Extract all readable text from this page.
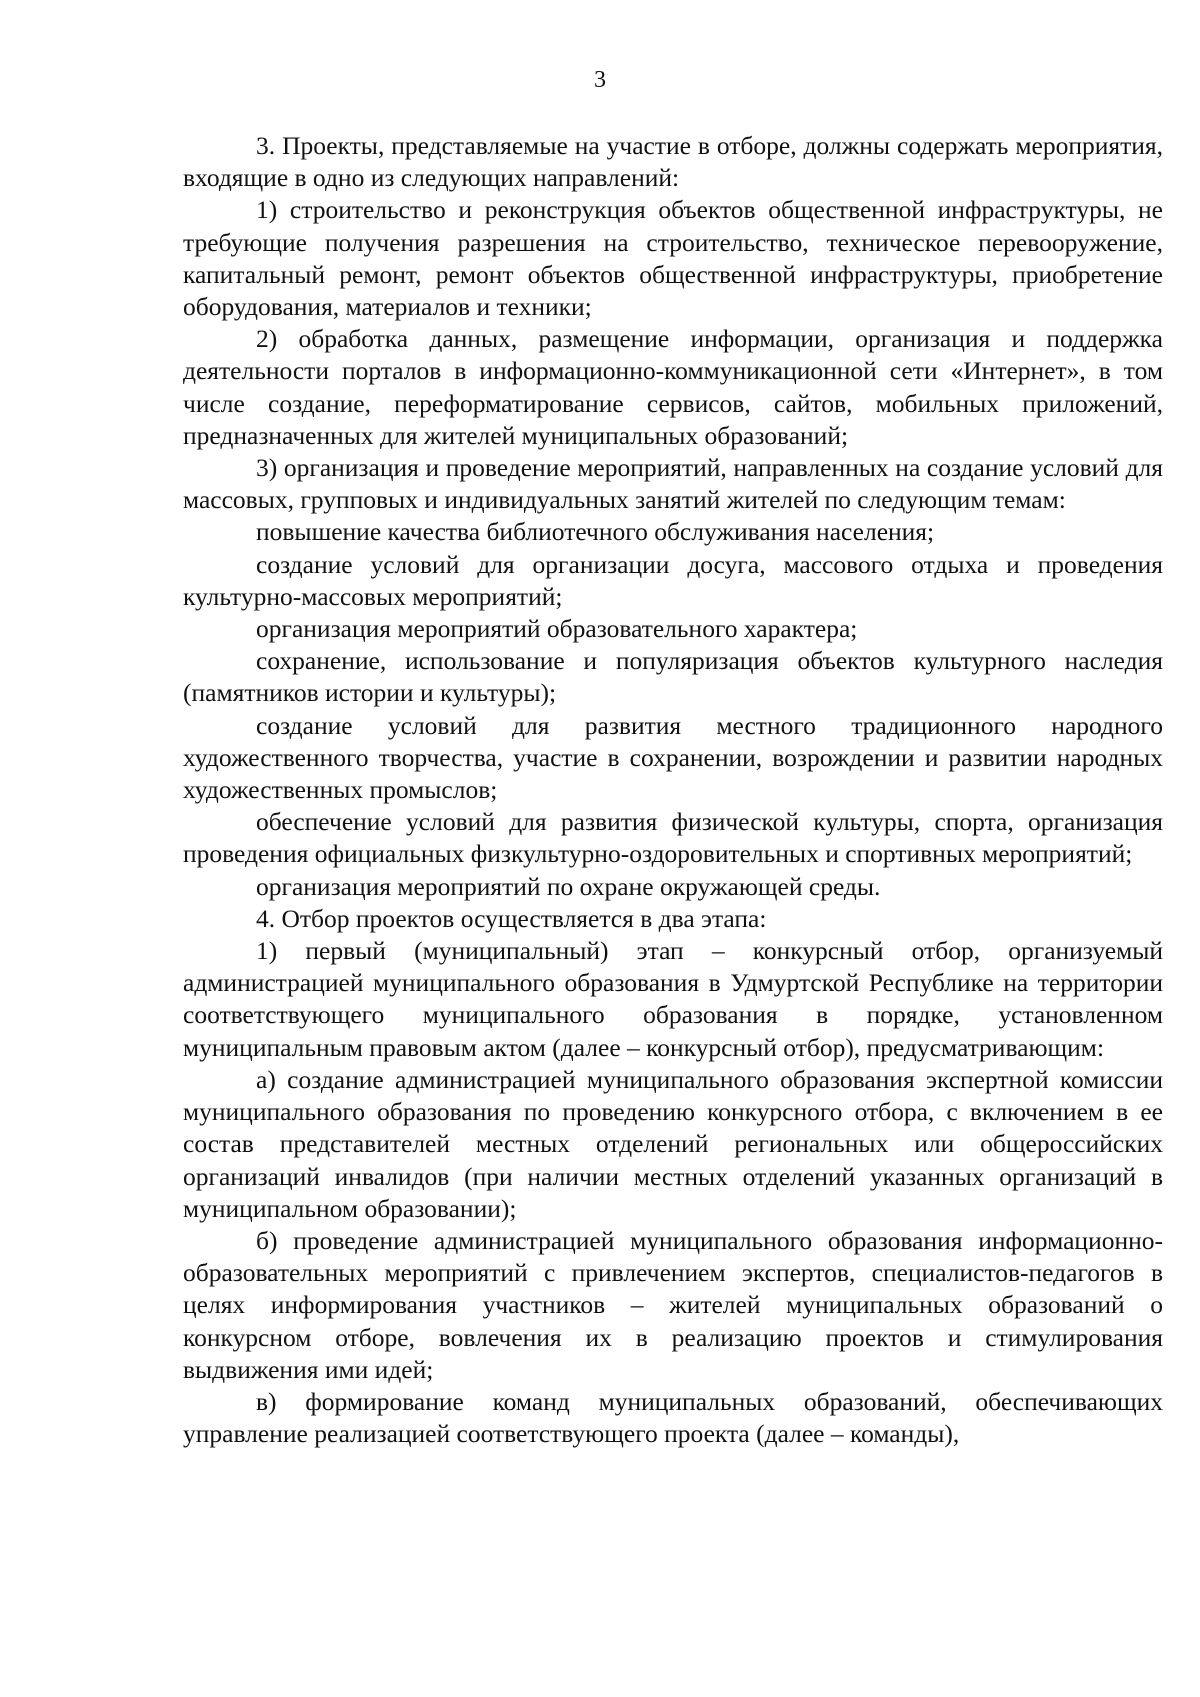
3

3. Проекты, представляемые на участие в отборе, должны содержать мероприятия, входящие в одно из следующих направлений:

1) строительство и реконструкция объектов общественной инфраструктуры, не требующие получения разрешения на строительство, техническое перевооружение, капитальный ремонт, ремонт объектов общественной инфраструктуры, приобретение оборудования, материалов и техники;

2) обработка данных, размещение информации, организация и поддержка деятельности порталов в информационно-коммуникационной сети «Интернет», в том числе создание, переформатирование сервисов, сайтов, мобильных приложений, предназначенных для жителей муниципальных образований;

3) организация и проведение мероприятий, направленных на создание условий для массовых, групповых и индивидуальных занятий жителей по следующим темам:

повышение качества библиотечного обслуживания населения;

создание условий для организации досуга, массового отдыха и проведения культурно-массовых мероприятий;

организация мероприятий образовательного характера;

сохранение, использование и популяризация объектов культурного наследия (памятников истории и культуры);

создание условий для развития местного традиционного народного художественного творчества, участие в сохранении, возрождении и развитии народных художественных промыслов;

обеспечение условий для развития физической культуры, спорта, организация проведения официальных физкультурно-оздоровительных и спортивных мероприятий;

организация мероприятий по охране окружающей среды.

4. Отбор проектов осуществляется в два этапа:

1) первый (муниципальный) этап – конкурсный отбор, организуемый администрацией муниципального образования в Удмуртской Республике на территории соответствующего муниципального образования в порядке, установленном муниципальным правовым актом (далее – конкурсный отбор), предусматривающим:

а) создание администрацией муниципального образования экспертной комиссии муниципального образования по проведению конкурсного отбора, с включением в ее состав представителей местных отделений региональных или общероссийских организаций инвалидов (при наличии местных отделений указанных организаций в муниципальном образовании);

б) проведение администрацией муниципального образования информационно-образовательных мероприятий с привлечением экспертов, специалистов-педагогов в целях информирования участников – жителей муниципальных образований о конкурсном отборе, вовлечения их в реализацию проектов и стимулирования выдвижения ими идей;

в) формирование команд муниципальных образований, обеспечивающих управление реализацией соответствующего проекта (далее – команды),
